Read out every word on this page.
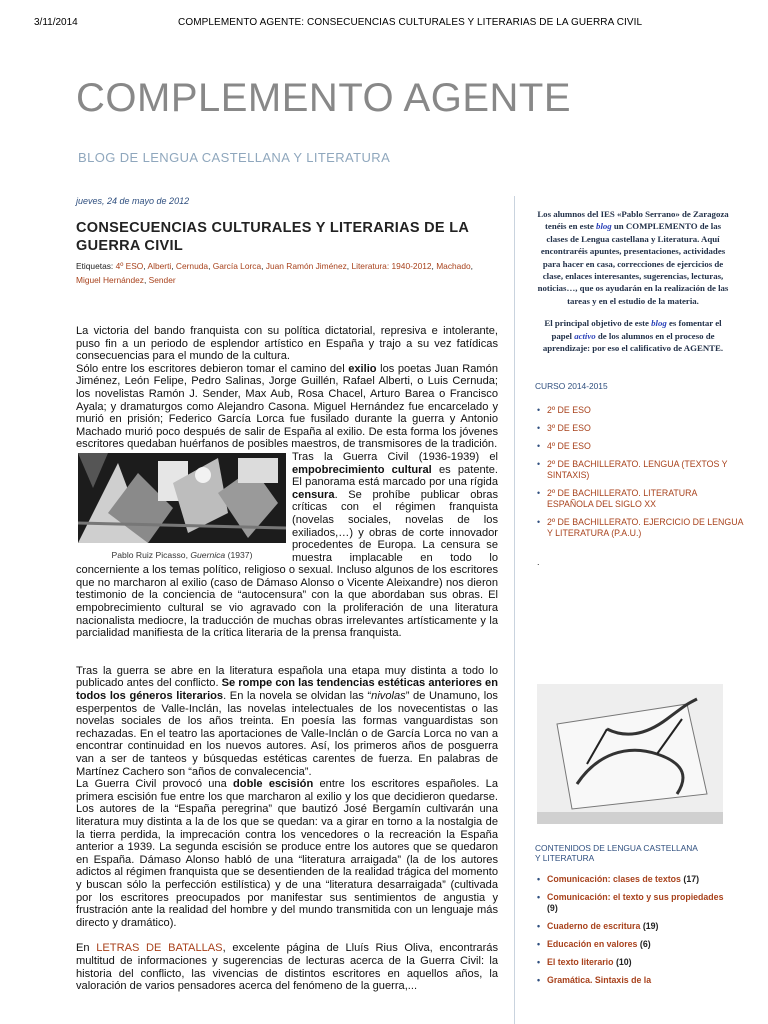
3/11/2014	COMPLEMENTO AGENTE: CONSECUENCIAS CULTURALES Y LITERARIAS DE LA GUERRA CIVIL
COMPLEMENTO AGENTE
BLOG DE LENGUA CASTELLANA Y LITERATURA
jueves, 24 de mayo de 2012
CONSECUENCIAS CULTURALES Y LITERARIAS DE LA GUERRA CIVIL
Etiquetas: 4º ESO, Alberti, Cernuda, García Lorca, Juan Ramón Jiménez, Literatura: 1940-2012, Machado, Miguel Hernández, Sender
La victoria del bando franquista con su política dictatorial, represiva e intolerante, puso fin a un periodo de esplendor artístico en España y trajo a su vez fatídicas consecuencias para el mundo de la cultura.
Sólo entre los escritores debieron tomar el camino del exilio los poetas Juan Ramón Jiménez, León Felipe, Pedro Salinas, Jorge Guillén, Rafael Alberti, o Luis Cernuda; los novelistas Ramón J. Sender, Max Aub, Rosa Chacel, Arturo Barea o Francisco Ayala; y dramaturgos como Alejandro Casona. Miguel Hernández fue encarcelado y murió en prisión; Federico García Lorca fue fusilado durante la guerra y Antonio Machado murió poco después de salir de España al exilio. De esta forma los jóvenes escritores quedaban huérfanos de posibles maestros, de transmisores de la tradición.
Pablo Ruiz Picasso, Guernica (1937)
Tras la Guerra Civil (1936-1939) el empobrecimiento cultural es patente. El panorama está marcado por una rígida censura. Se prohíbe publicar obras críticas con el régimen franquista (novelas sociales, novelas de los exiliados,…) y obras de corte innovador procedentes de Europa. La censura se muestra implacable en todo lo concerniente a los temas político, religioso o sexual. Incluso algunos de los escritores que no marcharon al exilio (caso de Dámaso Alonso o Vicente Aleixandre) nos dieron testimonio de la conciencia de “autocensura” con la que abordaban sus obras. El empobrecimiento cultural se vio agravado con la proliferación de una literatura nacionalista mediocre, la traducción de muchas obras irrelevantes artísticamente y la parcialidad manifiesta de la crítica literaria de la prensa franquista.
Tras la guerra se abre en la literatura española una etapa muy distinta a todo lo publicado antes del conflicto. Se rompe con las tendencias estéticas anteriores en todos los géneros literarios. En la novela se olvidan las “nivolas” de Unamuno, los esperpentos de Valle-Inclán, las novelas intelectuales de los novecentistas o las novelas sociales de los años treinta. En poesía las formas vanguardistas son rechazadas. En el teatro las aportaciones de Valle-Inclán o de García Lorca no van a encontrar continuidad en los nuevos autores. Así, los primeros años de posguerra van a ser de tanteos y búsquedas estéticas carentes de fuerza. En palabras de Martínez Cachero son “años de convalecencia”.
La Guerra Civil provocó una doble escisión entre los escritores españoles. La primera escisión fue entre los que marcharon al exilio y los que decidieron quedarse. Los autores de la “España peregrina” que bautizó José Bergamín cultivarán una literatura muy distinta a la de los que se quedan: va a girar en torno a la nostalgia de la tierra perdida, la imprecación contra los vencedores o la recreación la España anterior a 1939. La segunda escisión se produce entre los autores que se quedaron en España. Dámaso Alonso habló de una “literatura arraigada” (la de los autores adictos al régimen franquista que se desentienden de la realidad trágica del momento y buscan sólo la perfección estilística) y de una “literatura desarraigada” (cultivada por los escritores preocupados por manifestar sus sentimientos de angustia y frustración ante la realidad del hombre y del mundo transmitida con un lenguaje más directo y dramático).
En LETRAS DE BATALLAS, excelente página de Lluís Rius Oliva, encontrarás multitud de informaciones y sugerencias de lecturas acerca de la Guerra Civil: la historia del conflicto, las vivencias de distintos escritores en aquellos años, la valoración de varios pensadores acerca del fenómeno de la guerra,...

Los alumnos del IES «Pablo Serrano» de Zaragoza tenéis en este blog un COMPLEMENTO de las clases de Lengua castellana y Literatura. Aquí encontraréis apuntes, presentaciones, actividades para hacer en casa, correcciones de ejercicios de clase, enlaces interesantes, sugerencias, lecturas, noticias…, que os ayudarán en la realización de las tareas y en el estudio de la materia.

El principal objetivo de este blog es fomentar el papel activo de los alumnos en el proceso de aprendizaje: por eso el calificativo de AGENTE.

CURSO 2014-2015
• 2º DE ESO
• 3º DE ESO
• 4º DE ESO
• 2º DE BACHILLERATO. LENGUA (TEXTOS Y SINTAXIS)
• 2º DE BACHILLERATO. LITERATURA ESPAÑOLA DEL SIGLO XX
• 2º DE BACHILLERATO. EJERCICIO DE LENGUA Y LITERATURA (P.A.U.)
.
CONTENIDOS DE LENGUA CASTELLANA Y LITERATURA
• Comunicación: clases de textos (17)
• Comunicación: el texto y sus propiedades (9)
• Cuaderno de escritura (19)
• Educación en valores (6)
• El texto literario (10)
• Gramática. Sintaxis de la
